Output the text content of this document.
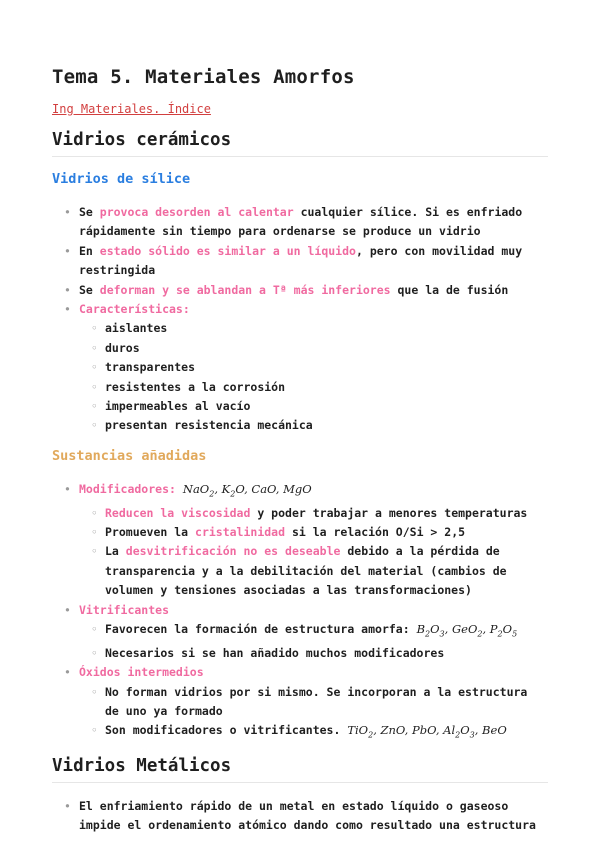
Tema 5. Materiales Amorfos
Ing Materiales. Índice
Vidrios cerámicos
Vidrios de sílice
• Se provoca desorden al calentar cualquier sílice. Si es enfriado rápidamente sin tiempo para ordenarse se produce un vidrio
• En estado sólido es similar a un líquido, pero con movilidad muy restringida
• Se deforman y se ablandan a Tª más inferiores que la de fusión
• Características:
◦ aislantes
◦ duros
◦ transparentes
◦ resistentes a la corrosión
◦ impermeables al vacío
◦ presentan resistencia mecánica
Sustancias añadidas
• Modificadores: NaO$_2$, $K_2O$, CaO, MgO
◦ Reducen la viscosidad y poder trabajar a menores temperaturas
◦ Promueven la cristalinidad si la relación O/Si > 2,5
◦ La desvitrificación no es deseable debido a la pérdida de transparencia y a la debilitación del material (cambios de volumen y tensiones asociadas a las transformaciones)
• Vitrificantes
◦ Favorecen la formación de estructura amorfa: $B_2O_3$, GeO$_2$, $P_2O_5$
◦ Necesarios si se han añadido muchos modificadores
• Óxidos intermedios
◦ No forman vidrios por si mismo. Se incorporan a la estructura de uno ya formado
◦ Son modificadores o vitrificantes. TiO$_2$, ZnO, PbO, $Al_2O_3$, BeO
Vidrios Metálicos
• El enfriamiento rápido de un metal en estado líquido o gaseoso impide el ordenamiento atómico dando como resultado una estructura
